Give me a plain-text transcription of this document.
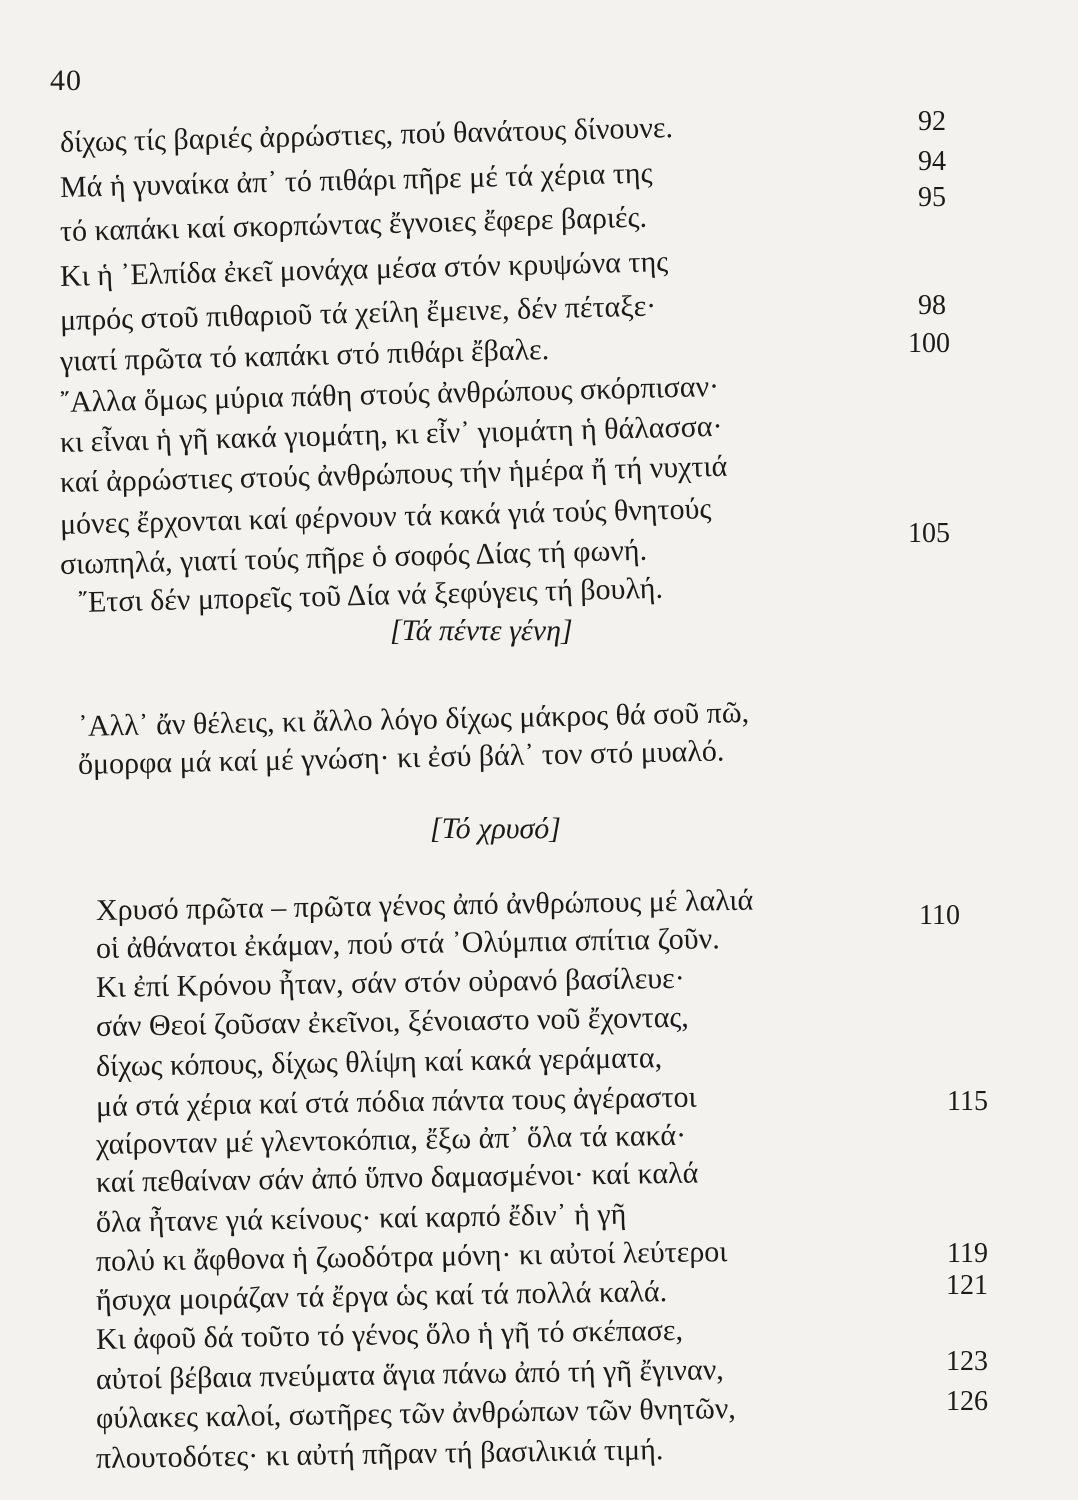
40
δίχως τίς βαριές ἀρρώστιες, πού θανάτους δίνουνε.	92
Μά ἡ γυναίκα ἀπ᾽ τό πιθάρι πῆρε μέ τά χέρια της	94
τό καπάκι καί σκορπώντας ἔγνοιες ἔφερε βαριές.
95
Κι ἡ ᾿Ελπίδα ἐκεῖ μονάχα μέσα στόν κρυψώνα της
μπρός στοῦ πιθαριοῦ τά χείλη ἔμεινε, δέν πέταξε·
γιατί πρῶτα τό καπάκι στό πιθάρι ἔβαλε.
98
῎Αλλα ὅμως μύρια πάθη στούς ἀνθρώπους σκόρπισαν·
100
κι εἶναι ἡ γῆ κακά γιομάτη, κι εἶν᾽ γιομάτη ἡ θάλασσα·
καί ἀρρώστιες στούς ἀνθρώπους τήν ἡμέρα ἤ τή νυχτιά
μόνες ἔρχονται καί φέρνουν τά κακά γιά τούς θνητούς
σιωπηλά, γιατί τούς πῆρε ὁ σοφός Δίας τή φωνή.
105
῎Ετσι δέν μπορεῖς τοῦ Δία νά ξεφύγεις τή βουλή.
[Τά πέντε γένη]
᾿Αλλ᾽ ἄν θέλεις, κι ἄλλο λόγο δίχως μάκρος θά σοῦ πῶ,
ὄμορφα μά καί μέ γνώση· κι ἐσύ βάλ᾽ τον στό μυαλό.
[Τό χρυσό]
Χρυσό πρῶτα – πρῶτα γένος ἀπό ἀνθρώπους μέ λαλιά
οἱ ἀθάνατοι ἐκάμαν, πού στά ᾿Ολύμπια σπίτια ζοῦν.
110
Κι ἐπί Κρόνου ἦταν, σάν στόν οὐρανό βασίλευε·
σάν Θεοί ζοῦσαν ἐκεῖνοι, ξένοιαστο νοῦ ἔχοντας,
δίχως κόπους, δίχως θλίψη καί κακά γεράματα,
μά στά χέρια καί στά πόδια πάντα τους ἀγέραστοι
χαίρονταν μέ γλεντοκόπια, ἔξω ἀπ᾽ ὅλα τά κακά·
115
καί πεθαίναν σάν ἀπό ὕπνο δαμασμένοι· καί καλά
ὅλα ἦτανε γιά κείνους· καί καρπό ἔδιν᾽ ἡ γῆ
πολύ κι ἄφθονα ἡ ζωοδότρα μόνη· κι αὐτοί λεύτεροι
ἥσυχα μοιράζαν τά ἔργα ὡς καί τά πολλά καλά.
119
Κι ἀφοῦ δά τοῦτο τό γένος ὅλο ἡ γῆ τό σκέπασε,
121
αὐτοί βέβαια πνεύματα ἅγια πάνω ἀπό τή γῆ ἔγιναν,
φύλακες καλοί, σωτῆρες τῶν ἀνθρώπων τῶν θνητῶν,
123
πλουτοδότες· κι αὐτή πῆραν τή βασιλικιά τιμή.
126
